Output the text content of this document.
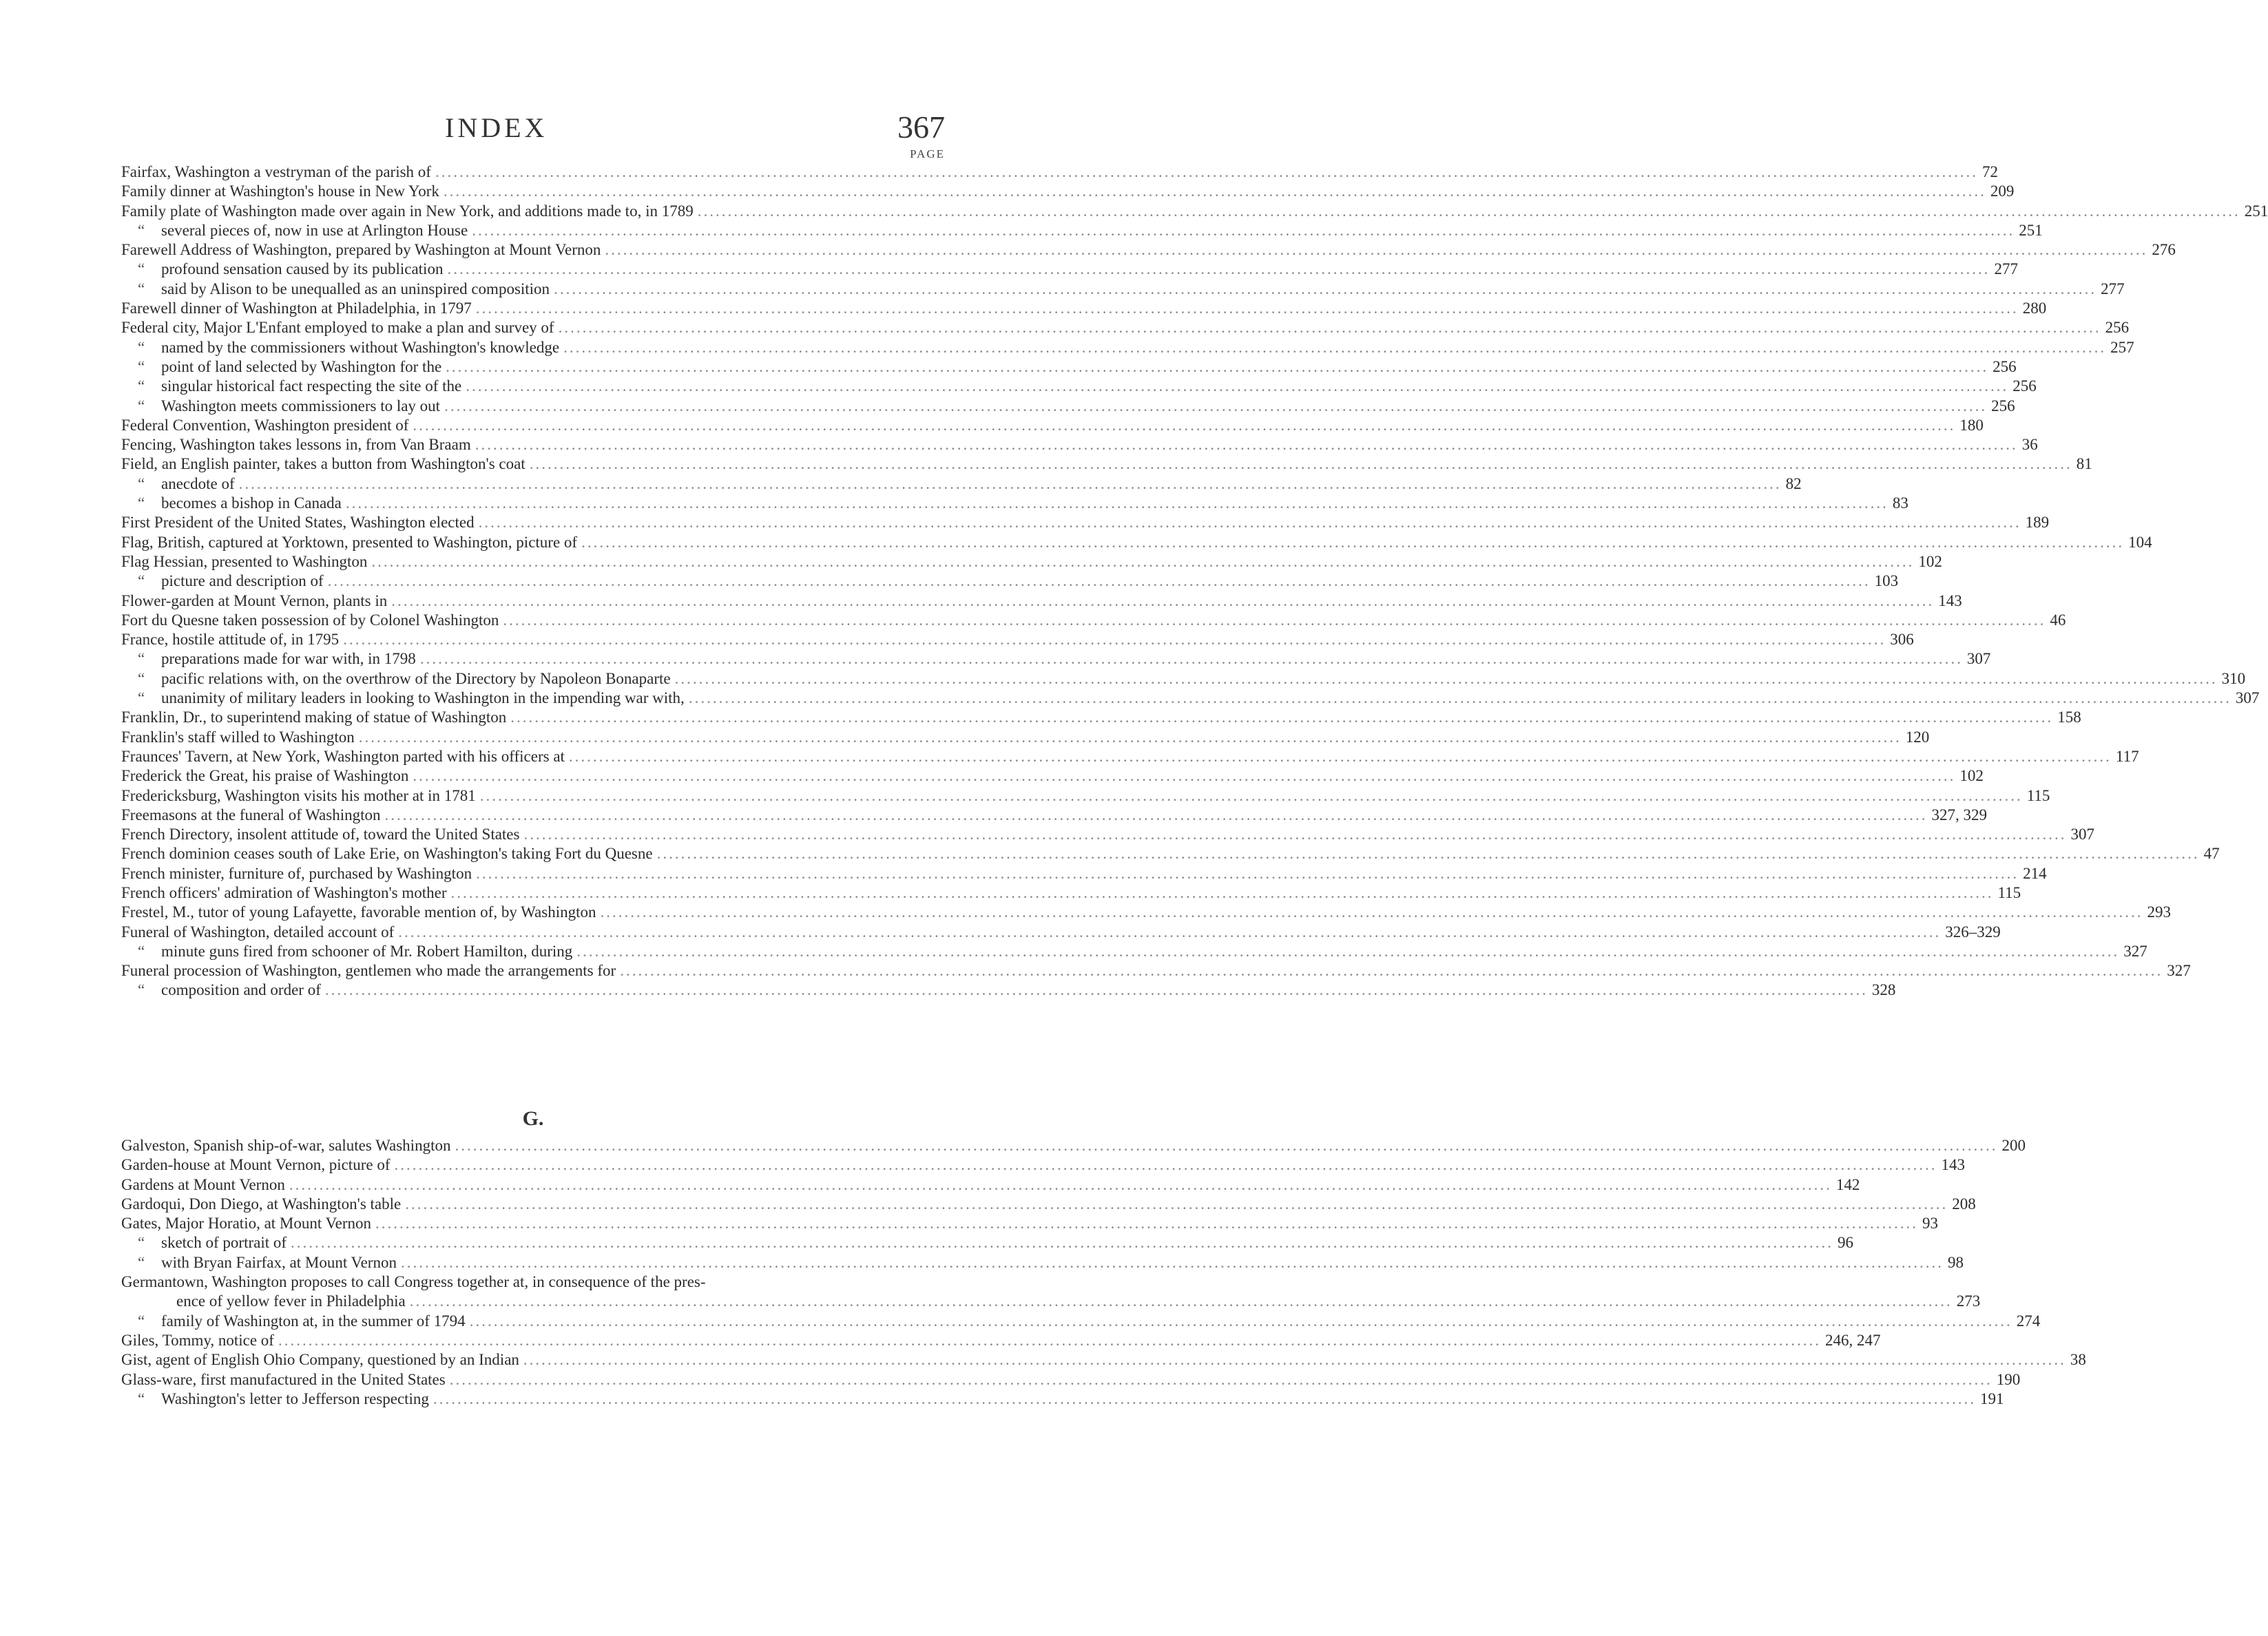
INDEX	367
PAGE
Fairfax, Washington a vestryman of the parish of .....	72
Family dinner at Washington's house in New York .....	209
Family plate of Washington made over again in New York, and additions made to, in 1789 .....	251
“ several pieces of, now in use at Arlington House .....	251
Farewell Address of Washington, prepared by Washington at Mount Vernon .....	276
“ profound sensation caused by its publication .....	277
“ said by Alison to be unequalled as an uninspired composition .....	277
Farewell dinner of Washington at Philadelphia, in 1797 .....	280
Federal city, Major L'Enfant employed to make a plan and survey of .....	256
“ named by the commissioners without Washington's knowledge .....	257
“ point of land selected by Washington for the .....	256
“ singular historical fact respecting the site of the .....	256
“ Washington meets commissioners to lay out .....	256
Federal Convention, Washington president of .....	180
Fencing, Washington takes lessons in, from Van Braam .....	36
Field, an English painter, takes a button from Washington's coat .....	81
“ anecdote of .....	82
“ becomes a bishop in Canada .....	83
First President of the United States, Washington elected .....	189
Flag, British, captured at Yorktown, presented to Washington, picture of .....	104
Flag Hessian, presented to Washington .....	102
“ picture and description of .....	103
Flower-garden at Mount Vernon, plants in .....	143
Fort du Quesne taken possession of by Colonel Washington .....	46
France, hostile attitude of, in 1795 .....	306
“ preparations made for war with, in 1798 .....	307
“ pacific relations with, on the overthrow of the Directory by Napoleon Bonaparte .....	310
“ unanimity of military leaders in looking to Washington in the impending war with, .....	307
Franklin, Dr., to superintend making of statue of Washington .....	158
Franklin's staff willed to Washington .....	120
Fraunces' Tavern, at New York, Washington parted with his officers at .....	117
Frederick the Great, his praise of Washington .....	102
Fredericksburg, Washington visits his mother at in 1781 .....	115
Freemasons at the funeral of Washington .....	327, 329
French Directory, insolent attitude of, toward the United States .....	307
French dominion ceases south of Lake Erie, on Washington's taking Fort du Quesne .....	47
French minister, furniture of, purchased by Washington .....	214
French officers' admiration of Washington's mother .....	115
Frestel, M., tutor of young Lafayette, favorable mention of, by Washington .....	293
Funeral of Washington, detailed account of .....	326–329
“ minute guns fired from schooner of Mr. Robert Hamilton, during .....	327
Funeral procession of Washington, gentlemen who made the arrangements for .....	327
“ composition and order of .....	328
G.
Galveston, Spanish ship-of-war, salutes Washington .....	200
Garden-house at Mount Vernon, picture of .....	143
Gardens at Mount Vernon .....	142
Gardoqui, Don Diego, at Washington's table .....	208
Gates, Major Horatio, at Mount Vernon .....	93
“ sketch of portrait of .....	96
“ with Bryan Fairfax, at Mount Vernon .....	98
Germantown, Washington proposes to call Congress together at, in consequence of the pres-
ence of yellow fever in Philadelphia .....	273
“ family of Washington at, in the summer of 1794 .....	274
Giles, Tommy, notice of .....	246, 247
Gist, agent of English Ohio Company, questioned by an Indian .....	38
Glass-ware, first manufactured in the United States .....	190
“ Washington's letter to Jefferson respecting .....	191
